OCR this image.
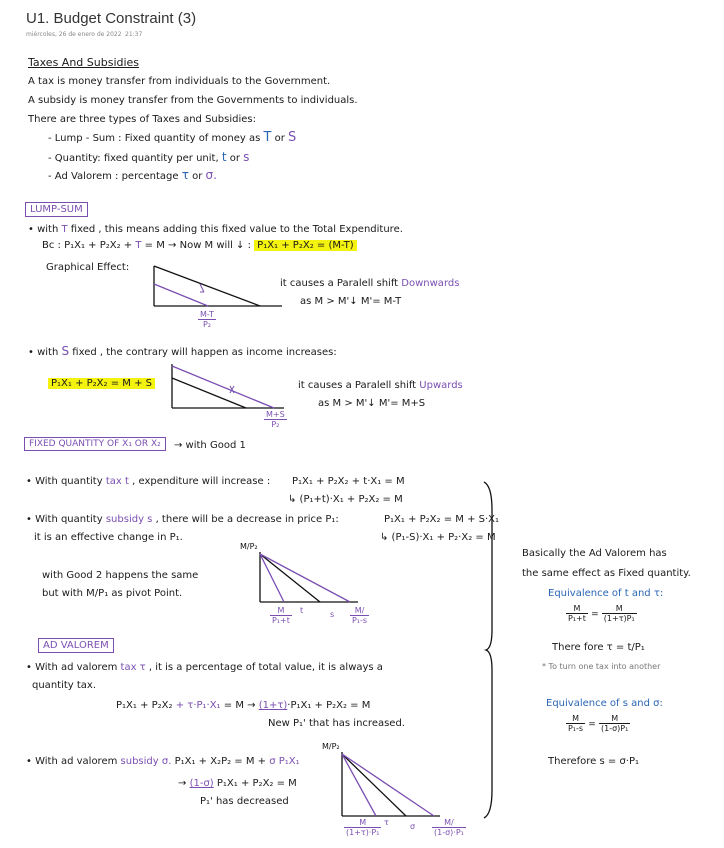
U1. Budget Constraint (3)
miércoles, 26 de enero de 2022 21:37
Taxes And Subsidies
A tax is money transfer from individuals to the Government.
A subsidy is money transfer from the Governments to individuals.
There are three types of Taxes and Subsidies:
- Lump - Sum : Fixed quantity of money as T or S
- Quantity: fixed quantity per unit, t or s
- Ad Valorem : percentage τ or σ.
LUMP-SUM
• with T fixed , this means adding this fixed value to the Total Expenditure.
Bc : P₁X₁ + P₂X₂ + T = M → Now M will ↓ : P₁X₁ + P₂X₂ = (M-T)
Graphical Effect:
$\frac{M-T}{\text{P₂}}$
it causes a Paralell shift Downwards
as M > M'↓ M'= M-T
• with S fixed , the contrary will happen as income increases:
P₁X₁ + P₂X₂ = M + S
$\frac{M+S}{\text{P₂}}$
it causes a Paralell shift Upwards
as M > M'↓ M'= M+S
FIXED QUANTITY OF X₁ OR X₂	→ with Good 1
• With quantity tax t , expenditure will increase : P₁X₁ + P₂X₂ + t·X₁ = M
↳ (P₁+t)·X₁ + P₂X₂ = M
• With quantity subsidy s , there will be a decrease in price P₁:	P₁X₁ + P₂X₂ = M + S·X₁
it is an effective change in P₁.	↳ (P₁-S)·X₁ + P₂·X₂ = M
with Good 2 happens the same
but with M/P₁ as pivot Point.
M/P₂
$\frac{M}{\text{P₁+t}}$ t	s $\frac{M/}{\text{P₁-s}}$
Basically the Ad Valorem has
the same effect as Fixed quantity.
Equivalence of t and τ:
$\frac{M}{\text{P₁+t}} = \frac{M}{\text{(1+τ)P₁}}$
There fore τ = t/P₁
* To turn one tax into another
Equivalence of s and σ:
$\frac{M}{\text{P₁-s}} = \frac{M}{\text{(1-σ)P₁}}$
Therefore s = σ·P₁
AD VALOREM
• With ad valorem tax τ , it is a percentage of total value, it is always a
quantity tax.
P₁X₁ + P₂X₂ + τ·P₁·X₁ = M → (1+τ)·P₁X₁ + P₂X₂ = M
New P₁' that has increased.
• With ad valorem subsidy σ. P₁X₁ + X₂P₂ = M + σ P₁X₁
→ (1-σ) P₁X₁ + P₂X₂ = M
P₁' has decreased
M/P₂
$\frac{M}{\text{(1+τ)·P₁}}$ τ	σ $\frac{M/}{\text{(1-σ)·P₁}}$
